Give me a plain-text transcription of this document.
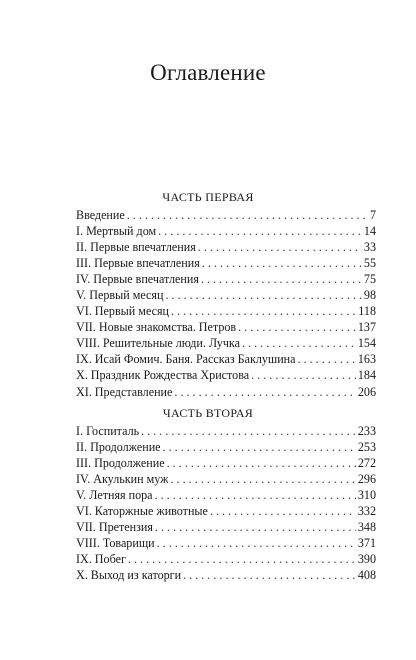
Оглавление
ЧАСТЬ ПЕРВАЯ
Введение . . .	7
I. Мертвый дом . . .	14
II. Первые впечатления . . .	33
III. Первые впечатления . . .	55
IV. Первые впечатления . . .	75
V. Первый месяц . . .	98
VI. Первый месяц . . .	118
VII. Новые знакомства. Петров . . .	137
VIII. Решительные люди. Лучка . . .	154
IX. Исай Фомич. Баня. Рассказ Баклушина . . .	163
X. Праздник Рождества Христова . . .	184
XI. Представление . . .	206
ЧАСТЬ ВТОРАЯ
I. Госпиталь . . .	233
II. Продолжение . . .	253
III. Продолжение . . .	272
IV. Акулькин муж . . .	296
V. Летняя пора . . .	310
VI. Каторжные животные . . .	332
VII. Претензия . . .	348
VIII. Товарищи . . .	371
IX. Побег . . .	390
X. Выход из каторги . . .	408
